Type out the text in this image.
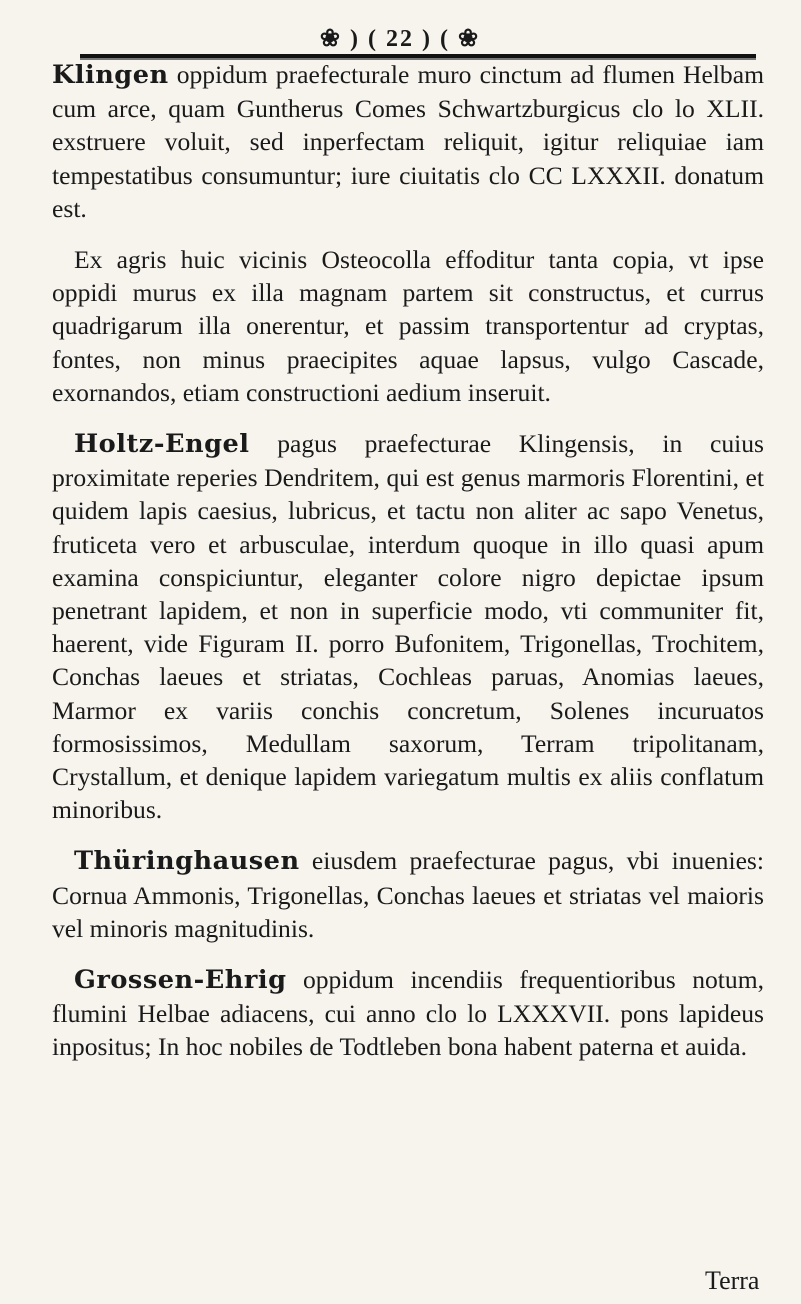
❀ ) ( 22 ) ( ❀

Klingen oppidum praefecturale muro cinctum ad flumen Helbam cum arce, quam Guntherus Comes Schwartzburgicus clo lo XLII. exstruere voluit, sed inperfectam reliquit, igitur reliquiae iam tempestatibus consumuntur; iure ciuitatis clo CC LXXXII. donatum est.

Ex agris huic vicinis Osteocolla effoditur tanta copia, vt ipse oppidi murus ex illa magnam partem sit constructus, et currus quadrigarum illa onerentur, et passim transportentur ad cryptas, fontes, non minus praecipites aquae lapsus, vulgo Cascade, exornandos, etiam constructioni aedium inseruit.

Holtz-Engel pagus praefecturae Klingensis, in cuius proximitate reperies Dendritem, qui est genus marmoris Florentini, et quidem lapis caesius, lubricus, et tactu non aliter ac sapo Venetus, fruticeta vero et arbusculae, interdum quoque in illo quasi apum examina conspiciuntur, eleganter colore nigro depictae ipsum penetrant lapidem, et non in superficie modo, vti communiter fit, haerent, vide Figuram II. porro Bufonitem, Trigonellas, Trochitem, Conchas laeues et striatas, Cochleas paruas, Anomias laeues, Marmor ex variis conchis concretum, Solenes incuruatos formosissimos, Medullam saxorum, Terram tripolitanam, Crystallum, et denique lapidem variegatum multis ex aliis conflatum minoribus.

Thüringhausen eiusdem praefecturae pagus, vbi inuenies: Cornua Ammonis, Trigonellas, Conchas laeues et striatas vel maioris vel minoris magnitudinis.

Grossen-Ehrig oppidum incendiis frequentioribus notum, flumini Helbae adiacens, cui anno clo lo LXXXVII. pons lapideus inpositus; In hoc nobiles de Todtleben bona habent paterna et auida.

Terra
